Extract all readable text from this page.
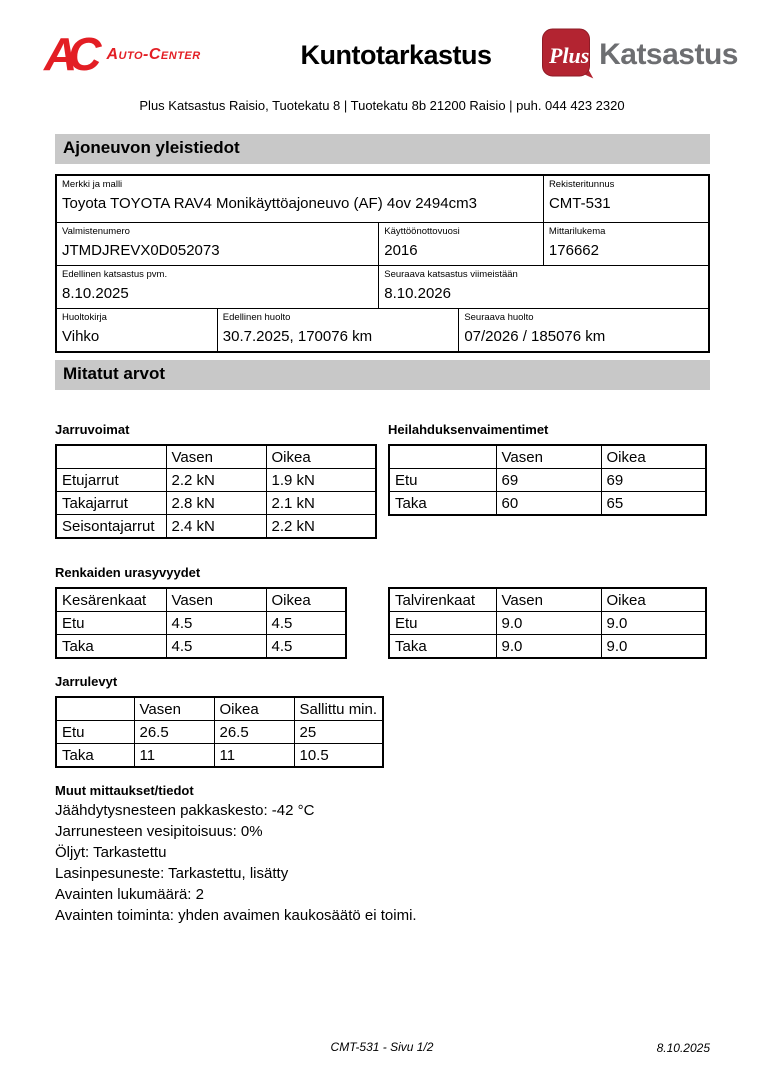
AC Auto-Center	Kuntotarkastus	Plus Katsastus
Plus Katsastus Raisio, Tuotekatu 8 | Tuotekatu 8b 21200 Raisio | puh. 044 423 2320
Ajoneuvon yleistiedot
Merkki ja malli
Toyota TOYOTA RAV4 Monikäyttöajoneuvo (AF) 4ov 2494cm3
Rekisteritunnus
CMT-531
Valmistenumero
JTMDJREVX0D052073
Käyttöönottovuosi
2016
Mittarilukema
176662
Edellinen katsastus pvm.
8.10.2025
Seuraava katsastus viimeistään
8.10.2026
Huoltokirja
Vihko
Edellinen huolto
30.7.2025, 170076 km
Seuraava huolto
07/2026 / 185076 km
Mitatut arvot
Jarruvoimat
	Vasen	Oikea
Etujarrut	2.2 kN	1.9 kN
Takajarrut	2.8 kN	2.1 kN
Seisontajarrut	2.4 kN	2.2 kN
Heilahduksenvaimentimet
	Vasen	Oikea
Etu	69	69
Taka	60	65
Renkaiden urasyvyydet
Kesärenkaat	Vasen	Oikea
Etu	4.5	4.5
Taka	4.5	4.5
Talvirenkaat	Vasen	Oikea
Etu	9.0	9.0
Taka	9.0	9.0
Jarrulevyt
	Vasen	Oikea	Sallittu min.
Etu	26.5	26.5	25
Taka	11	11	10.5
Muut mittaukset/tiedot
Jäähdytysnesteen pakkaskesto: -42 °C
Jarrunesteen vesipitoisuus: 0%
Öljyt: Tarkastettu
Lasinpesuneste: Tarkastettu, lisätty
Avainten lukumäärä: 2
Avainten toiminta: yhden avaimen kaukosäätö ei toimi.
CMT-531 - Sivu 1/2	8.10.2025
